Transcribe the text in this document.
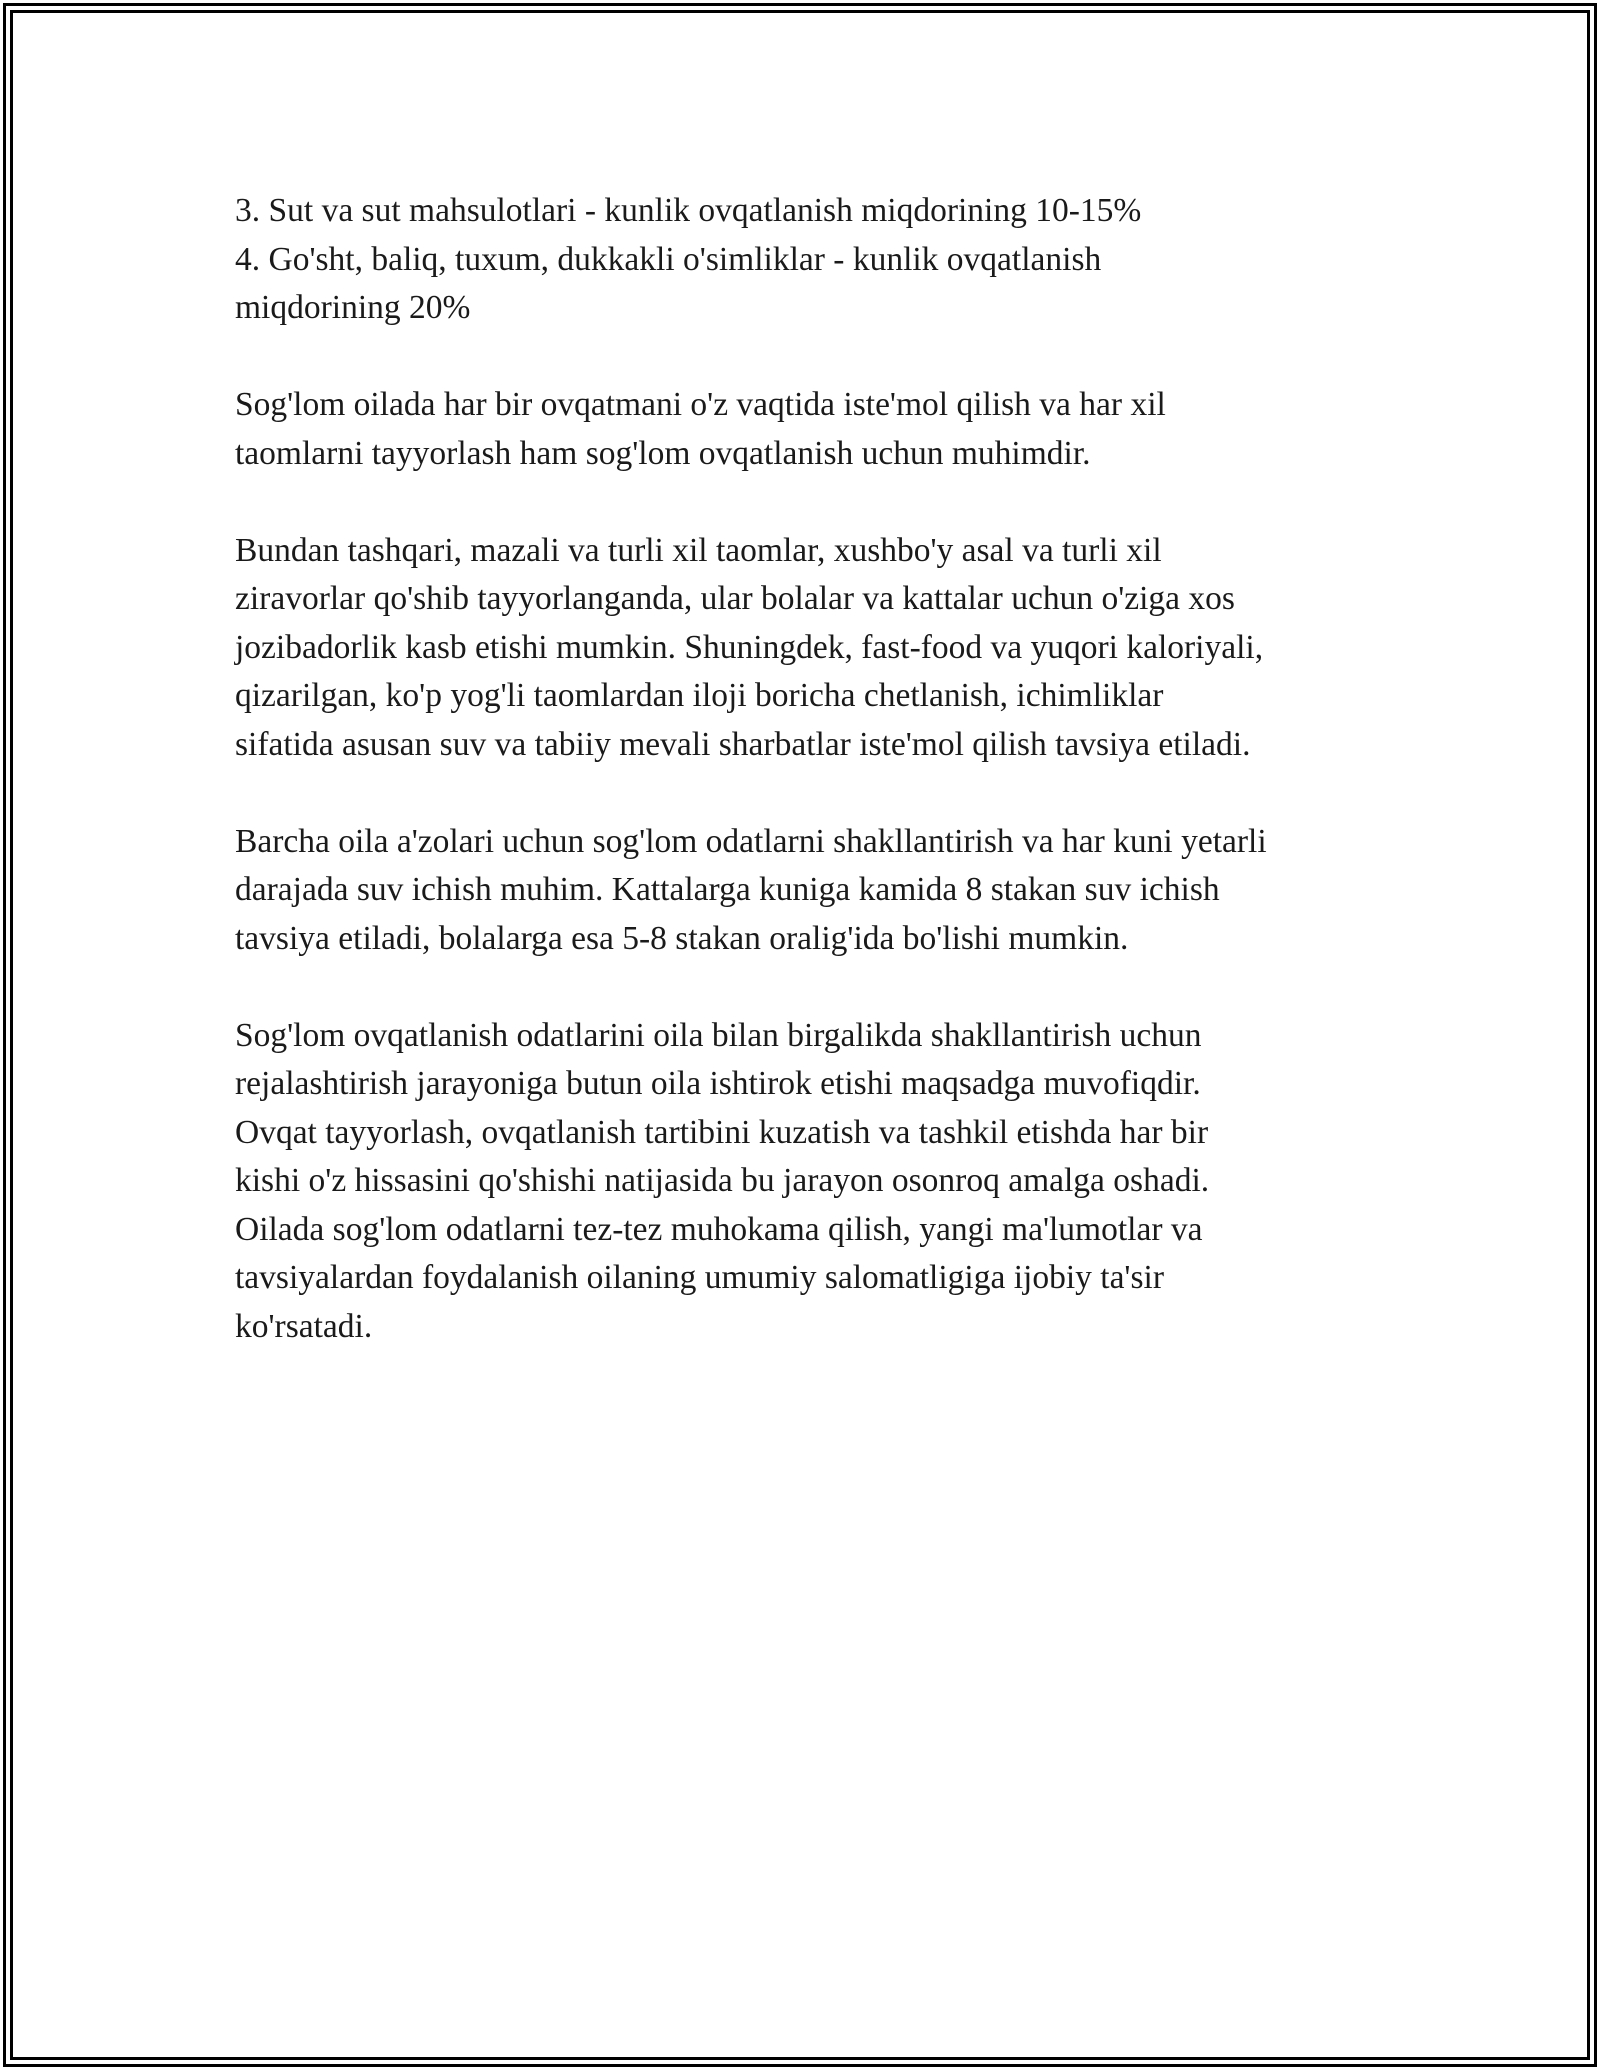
3. Sut va sut mahsulotlari - kunlik ovqatlanish miqdorining 10-15%
4. Go'sht, baliq, tuxum, dukkakli o'simliklar - kunlik ovqatlanish
miqdorining 20%

Sog'lom oilada har bir ovqatmani o'z vaqtida iste'mol qilish va har xil
taomlarni tayyorlash ham sog'lom ovqatlanish uchun muhimdir.

Bundan tashqari, mazali va turli xil taomlar, xushbo'y asal va turli xil
ziravorlar qo'shib tayyorlanganda, ular bolalar va kattalar uchun o'ziga xos
jozibadorlik kasb etishi mumkin. Shuningdek, fast-food va yuqori kaloriyali,
qizarilgan, ko'p yog'li taomlardan iloji boricha chetlanish, ichimliklar
sifatida asusan suv va tabiiy mevali sharbatlar iste'mol qilish tavsiya etiladi.

Barcha oila a'zolari uchun sog'lom odatlarni shakllantirish va har kuni yetarli
darajada suv ichish muhim. Kattalarga kuniga kamida 8 stakan suv ichish
tavsiya etiladi, bolalarga esa 5-8 stakan oralig'ida bo'lishi mumkin.

Sog'lom ovqatlanish odatlarini oila bilan birgalikda shakllantirish uchun
rejalashtirish jarayoniga butun oila ishtirok etishi maqsadga muvofiqdir.
Ovqat tayyorlash, ovqatlanish tartibini kuzatish va tashkil etishda har bir
kishi o'z hissasini qo'shishi natijasida bu jarayon osonroq amalga oshadi.
Oilada sog'lom odatlarni tez-tez muhokama qilish, yangi ma'lumotlar va
tavsiyalardan foydalanish oilaning umumiy salomatligiga ijobiy ta'sir
ko'rsatadi.
